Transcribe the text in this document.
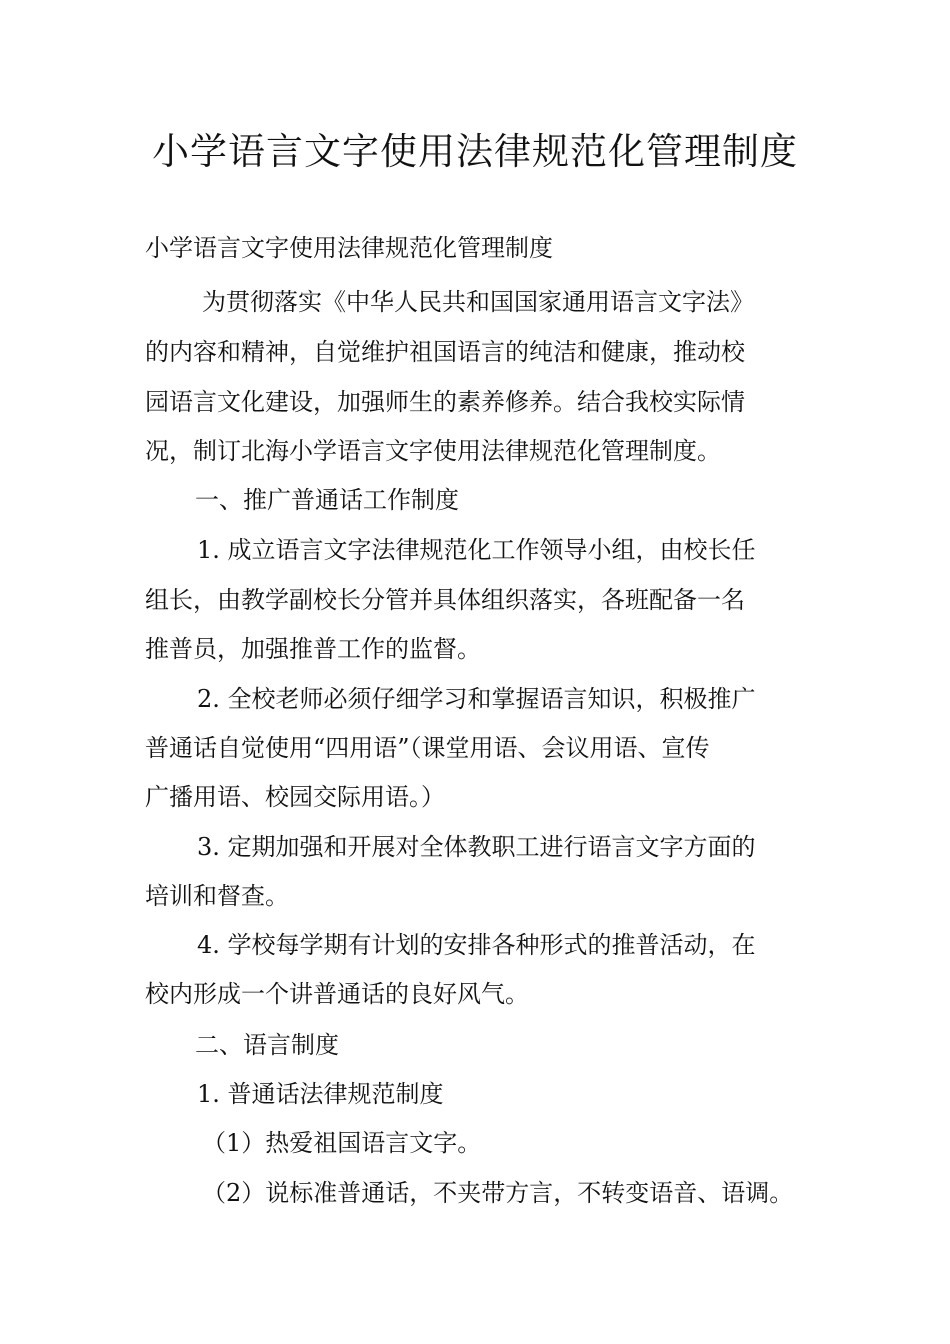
小学语言文字使用法律规范化管理制度
小学语言文字使用法律规范化管理制度
为贯彻落实《中华人民共和国国家通用语言文字法》
的内容和精神，自觉维护祖国语言的纯洁和健康，推动校
园语言文化建设，加强师生的素养修养。结合我校实际情
况，制订北海小学语言文字使用法律规范化管理制度。
一、推广普通话工作制度
1. 成立语言文字法律规范化工作领导小组，由校长任
组长，由教学副校长分管并具体组织落实，各班配备一名
推普员，加强推普工作的监督。
2. 全校老师必须仔细学习和掌握语言知识，积极推广
普通话自觉使用“四用语”（课堂用语、会议用语、宣传
广播用语、校园交际用语。）
3. 定期加强和开展对全体教职工进行语言文字方面的
培训和督查。
4. 学校每学期有计划的安排各种形式的推普活动，在
校内形成一个讲普通话的良好风气。
二、语言制度
1. 普通话法律规范制度
（1）热爱祖国语言文字。
（2）说标准普通话，不夹带方言，不转变语音、语调。
